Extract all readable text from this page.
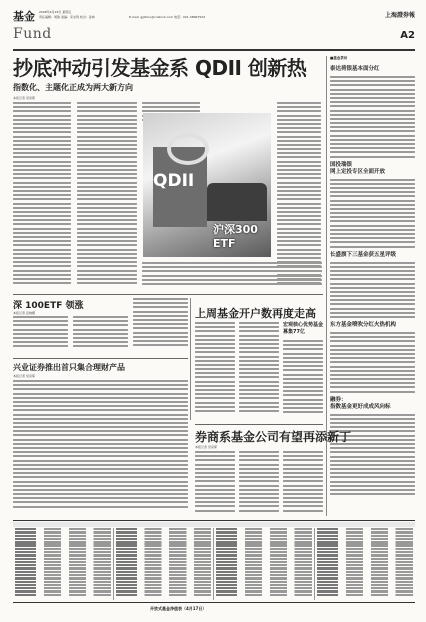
基金 2008年4月18日 星期五
责任编辑：周敏 美编：宋永利 校对：孙林	E-mail: gjjzhou@cnstock.com 电话：021-38967524
Fund
上海證券報
A2
抄底冲动引发基金系 QDII 创新热
指数化、主题化正成为两大新方向
本报记者 吴亮琛
QDII
沪深300 ETF
■基金茶坊
泰达荷银基本面分红
国投瑞银
网上定投专区全面开放
长盛旗下三基金获五星评级
东方基金喷吹分红火热机构
融券：
指数基金更好成成风向标
深 100ETF 领涨
本报记者 张晓娜	上周基金开户数再度走高
宏观核心优势基金募集77亿
兴业证券推出首只集合理财产品
本报记者 吴亮琛
券商系基金公司有望再添新丁
本报记者 吴亮琛
开放式基金净值表（4月17日）
